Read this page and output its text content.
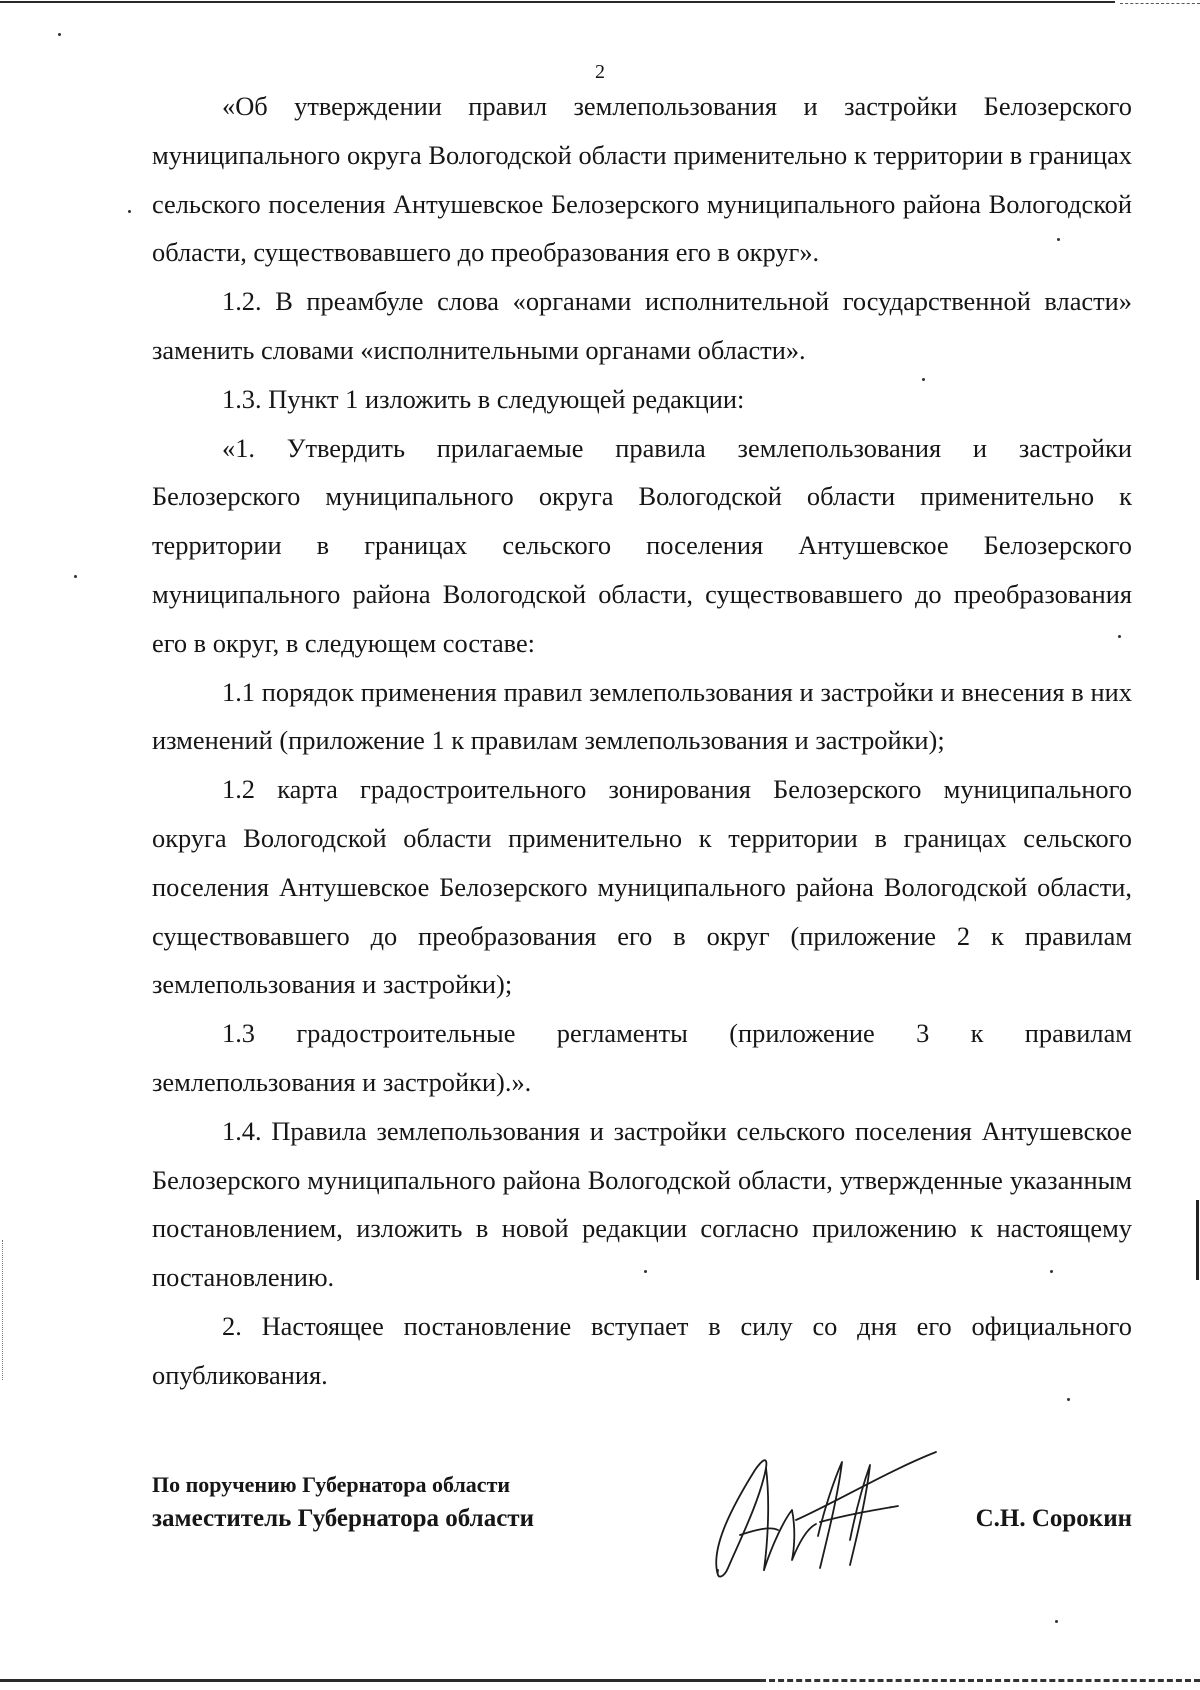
2

«Об утверждении правил землепользования и застройки Белозерского муниципального округа Вологодской области применительно к территории в границах сельского поселения Антушевское Белозерского муниципального района Вологодской области, существовавшего до преобразования его в округ».

1.2. В преамбуле слова «органами исполнительной государственной власти» заменить словами «исполнительными органами области».

1.3. Пункт 1 изложить в следующей редакции:

«1. Утвердить прилагаемые правила землепользования и застройки Белозерского муниципального округа Вологодской области применительно к территории в границах сельского поселения Антушевское Белозерского муниципального района Вологодской области, существовавшего до преобразования его в округ, в следующем составе:

1.1 порядок применения правил землепользования и застройки и внесения в них изменений (приложение 1 к правилам землепользования и застройки);

1.2 карта градостроительного зонирования Белозерского муниципального округа Вологодской области применительно к территории в границах сельского поселения Антушевское Белозерского муниципального района Вологодской области, существовавшего до преобразования его в округ (приложение 2 к правилам землепользования и застройки);

1.3 градостроительные регламенты (приложение 3 к правилам землепользования и застройки).».

1.4. Правила землепользования и застройки сельского поселения Антушевское Белозерского муниципального района Вологодской области, утвержденные указанным постановлением, изложить в новой редакции согласно приложению к настоящему постановлению.

2. Настоящее постановление вступает в силу со дня его официального опубликования.

По поручению Губернатора области
заместитель Губернатора области	С.Н. Сорокин
